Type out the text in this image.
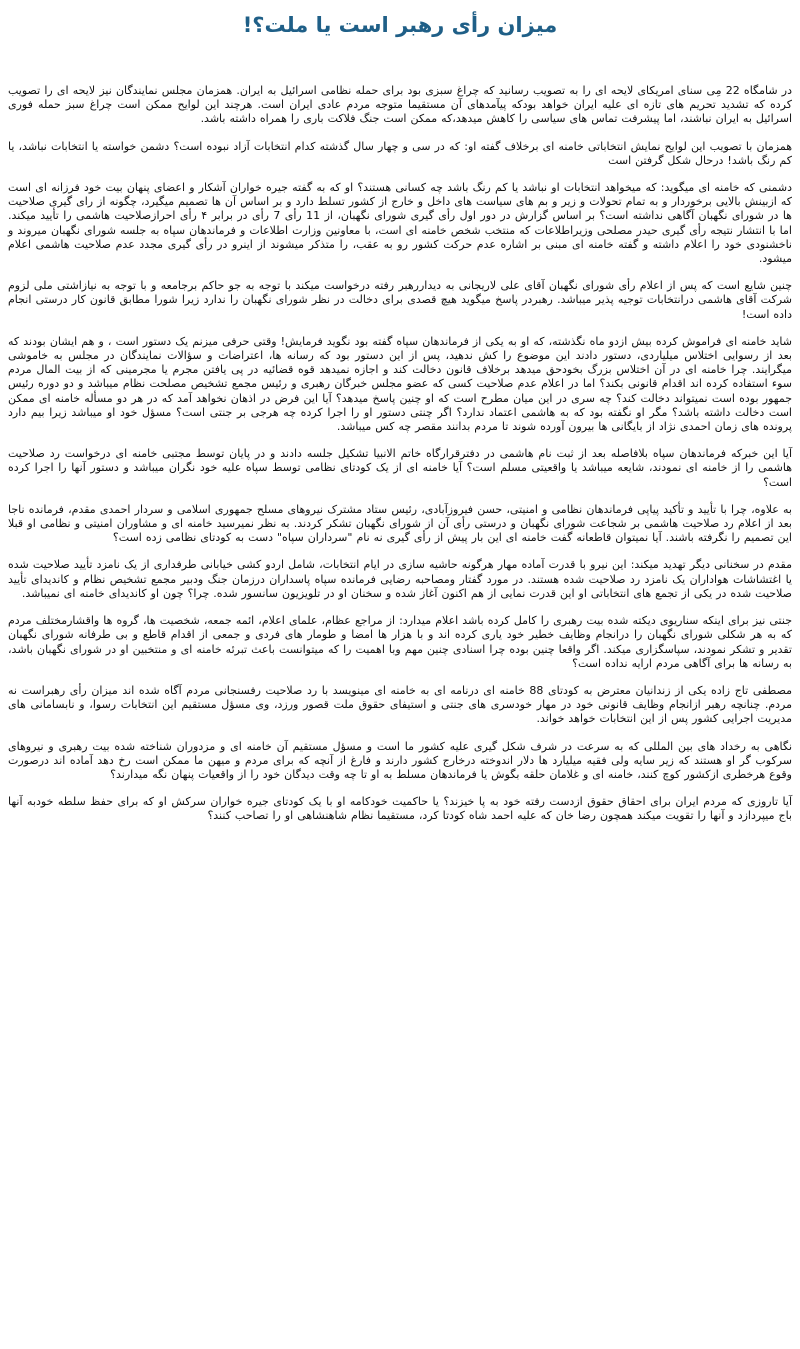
میزان رأی رهبر است یا ملت؟!

در شامگاه 22 مِی سنای امریکای لایحه ای را به تصویب رسانید که چراغ سبزی بود برای حمله نظامی اسرائیل به ایران. همزمان مجلس نمایندگان نیز لایحه ای را تصویب کرده که تشدید تحریم های تازه ای علیه ایران خواهد بودکه پیآمدهای آن مستقیما متوجه مردم عادی ایران است. هرچند این لوایح ممکن است چراغ سبز حمله فوری اسرائیل به ایران نباشند، اما پیشرفت تماس های سیاسی را کاهش میدهد،که ممکن است جنگ فلاکت باری را همراه داشته باشد.

همزمان با تصویب این لوایح نمایش انتخاباتی خامنه ای برخلاف گفته او: که در سی و چهار سال گذشته کدام انتخابات آزاد نبوده است؟ دشمن خواسته یا انتخابات نباشد، یا کم رنگ باشد! درحال شکل گرفتن است

دشمنی که خامنه ای میگوید: که میخواهد انتخابات او نباشد یا کم رنگ باشد چه کسانی هستند؟ او که به گفته جیره خواران آشکار و اعضای پنهان بیت خود فرزانه ای است که ازبینش بالایی برخوردار و به تمام تحولات و زیر و بم های سیاست های داخل و خارج از کشور تسلط دارد و بر اساس آن ها تصمیم میگیرد، چگونه از رای گیری صلاحیت ها در شورای نگهبان آگاهی نداشته است؟ بر اساس گزارش در دور اول رأی گیری شورای نگهبان، از 11 رأی 7 رأی در برابر ۴ رأی احرازصلاحیت هاشمی را تأیید میکند. اما با انتشار نتیجه رأی گیری حیدر مصلحی وزیراطلاعات که منتخب شخص خامنه ای است، با معاونین وزارت اطلاعات و فرماندهان سپاه به جلسه شورای نگهبان میروند و ناخشنودی خود را اعلام داشته و گفته خامنه ای مبنی بر اشاره عدم حرکت کشور رو به عقب، را متذکر میشوند از اینرو در رأی گیری مجدد عدم صلاحیت هاشمی اعلام میشود.

چنین شایع است که پس از اعلام رأی شورای نگهبان آقای علی لاریجانی به دیداررهبر رفته درخواست میکند با توجه به جو حاکم برجامعه و با توجه به نیازاشتی ملی لزوم شرکت آقای هاشمی درانتخابات توجیه پذیر میباشد. رهبردر پاسخ میگوید هیچ قصدی برای دخالت در نظر شورای نگهبان را ندارد زیرا شورا مطابق قانون کار درستی انجام داده است!

شاید خامنه ای فراموش کرده بیش ازدو ماه نگذشته، که او به یکی از فرماندهان سپاه گفته بود نگوید فرمایش! وقتی حرفی میزنم یک دستور است ، و هم ایشان بودند که بعد از رسوایی اختلاس میلیاردی، دستور دادند این موضوع را کش ندهید، پس از این دستور بود که رسانه ها، اعتراضات و سؤالات نمایندگان در مجلس به خاموشی میگرایند. چرا خامنه ای در آن اختلاس بزرگ بخودحق میدهد برخلاف قانون دخالت کند و اجازه نمیدهد قوه قضائیه در پی یافتن مجرم یا مجرمینی که از بیت المال مردم سوء استفاده کرده اند اقدام قانونی بکند؟ اما در اعلام عدم صلاحیت کسی که عضو مجلس خبرگان رهبری و رئیس مجمع تشخیص مصلحت نظام میباشد و دو دوره رئیس جمهور بوده است نمیتواند دخالت کند؟ چه سری در این میان مطرح است که او چنین پاسخ میدهد؟ آیا این فرض در اذهان نخواهد آمد که در هر دو مسأله خامنه ای ممکن است دخالت داشته باشد؟ مگر او نگفته بود که به هاشمی اعتماد ندارد؟ اگر چنتی دستور او را اجرا کرده چه هرجی بر جنتی است؟ مسؤل خود او میباشد زیرا بیم دارد پرونده های زمان احمدی نژاد از بایگانی ها بیرون آورده شوند تا مردم بدانند مقصر چه کس میباشد.

آیا این خبرکه فرماندهان سپاه بلافاصله بعد از ثبت نام هاشمی در دفترقرارگاه خاتم الانبیا تشکیل جلسه دادند و در پایان توسط مجتبی خامنه ای درخواست رد صلاحیت هاشمی را از خامنه ای نمودند، شایعه میباشد یا واقعیتی مسلم است؟ آیا خامنه ای از یک کودتای نظامی توسط سپاه علیه خود نگران میباشد و دستور آنها را اجرا کرده است؟

به علاوه، چرا با تأیید و تأکید پیاپی فرماندهان نظامی و امنیتی، حسن فیروزآبادی، رئیس ستاد مشترک نیروهای مسلح جمهوری اسلامی و سردار احمدی مقدم، فرمانده ناجا بعد از اعلام رد صلاحیت هاشمی بر شجاعت شورای نگهبان و درستی رأی آن از شورای نگهبان تشکر کردند. به نظر نمیرسید خامنه ای و مشاوران امنیتی و نظامی او قبلا این تصمیم را نگرفته باشند. آیا نمیتوان قاطعانه گفت خامنه ای این بار پیش از رأی گیری نه نام "سرداران سپاه" دست به کودتای نظامی زده است؟

مقدم در سخنانی دیگر تهدید میکند: این نیرو با قدرت آماده مهار هرگونه حاشیه سازی در ایام انتخابات، شامل اردو کشی خیابانی طرفداری از یک نامزد تأیید صلاحیت شده یا اغتشاشات هواداران یک نامزد رد صلاحیت شده هستند. در مورد گفتار ومصاحبه رضایی فرمانده سپاه پاسداران درزمان جنگ ودبیر مجمع تشخیص نظام و کاندیدای تأیید صلاحیت شده در یکی از تجمع های انتخاباتی او این قدرت نمایی از هم اکنون آغاز شده و سخنان او در تلویزیون سانسور شده. چرا؟ چون او کاندیدای خامنه ای نمیباشد.

جنتی نیز برای اینکه سناریوی دیکته شده بیت رهبری را کامل کرده باشد اعلام میدارد: از مراجع عظام، علمای اعلام، ائمه جمعه، شخصیت ها، گروه ها واقشارمختلف مردم که به هر شکلی شورای نگهبان را درانجام وظایف خطیر خود یاری کرده اند و با هزار ها امضا و طومار های فردی و جمعی از اقدام قاطع و بی طرفانه شورای نگهبان تقدیر و تشکر نمودند، سپاسگزاری میکند. اگر واقعا چنین بوده چرا اسنادی چنین مهم وبا اهمیت را که میتوانست باعث تبرئه خامنه ای و منتخبین او در شورای نگهبان باشد، به رسانه ها برای آگاهی مردم ارایه نداده است؟

مصطفی تاج زاده یکی از زندانیان معترض به کودتای 88 خامنه ای درنامه ای به خامنه ای مینویسد با رد صلاحیت رفسنجانی مردم آگاه شده اند میزان رأی رهبراست نه مردم. چنانچه رهبر ازانجام وظایف قانونی خود در مهار خودسری های جنتی و استیفای حقوق ملت قصور ورزد، وی مسؤل مستقیم این انتخابات رسوا، و نابسامانی های مدیریت اجرایی کشور پس از این انتخابات خواهد خواند.

نگاهی به رخداد های بین المللی که به سرعت در شرف شکل گیری علیه کشور ما است و مسؤل مستقیم آن خامنه ای و مزدوران شناخته شده بیت رهبری و نیروهای سرکوب گر او هستند که زیر سایه ولی فقیه میلیارد ها دلار اندوخته درخارج کشور دارند و فارغ از آنچه که برای مردم و میهن ما ممکن است رخ دهد آماده اند درصورت وقوع هرخطری ازکشور کوچ کنند، خامنه ای و غلامان حلقه بگوش یا فرماندهان مسلط به او تا چه وقت دیدگان خود را از واقعیات پنهان نگه میدارند؟

آیا تاروزی که مردم ایران برای احقاق حقوق ازدست رفته خود به پا خیزند؟ یا حاکمیت خودکامه او با یک کودتای جیره خواران سرکش او که برای حفظ سلطه خودبه آنها باج میپردازد و آنها را تقویت میکند همچون رضا خان که علیه احمد شاه کودتا کرد، مستقیما نظام شاهنشاهی او را تصاحب کنند؟
